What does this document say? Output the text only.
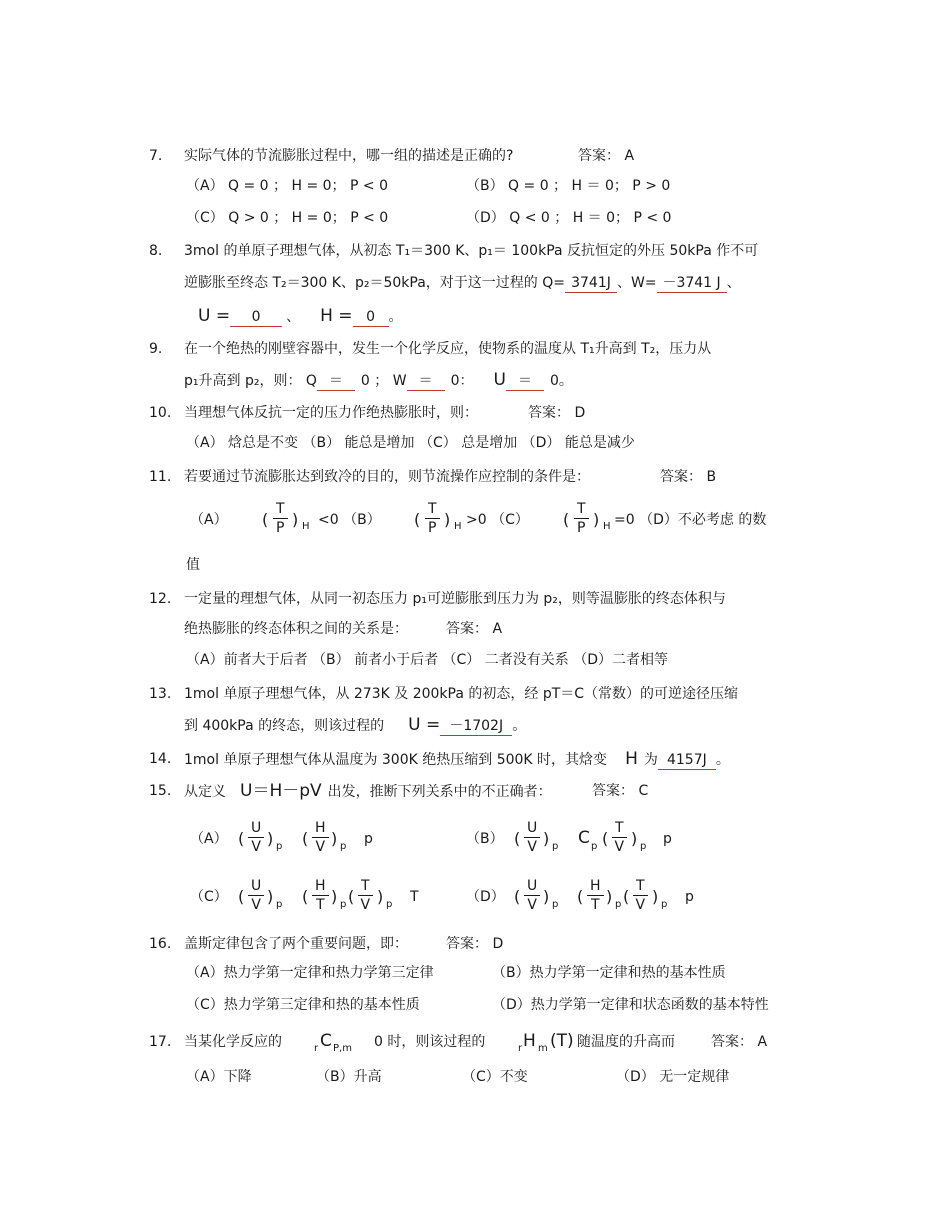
7. 实际气体的节流膨胀过程中，哪一组的描述是正确的?	答案： A
（A） Q = 0 ； H = 0； P < 0	（B） Q = 0 ； H ＝ 0； P > 0
（C） Q > 0 ； H = 0； P < 0	（D） Q < 0 ； H ＝ 0； P < 0
8. 3mol 的单原子理想气体，从初态 T₁＝300 K、p₁＝ 100kPa 反抗恒定的外压 50kPa 作不可
逆膨胀至终态 T₂＝300 K、p₂＝50kPa，对于这一过程的 Q= 3741J 、W= －3741 J 、
U = 0 、 H = 0 。
9. 在一个绝热的刚壁容器中，发生一个化学反应，使物系的温度从 T₁升高到 T₂，压力从
p₁升高到 p₂，则： Q ＝ 0 ； W ＝ 0： U ＝ 0。
10. 当理想气体反抗一定的压力作绝热膨胀时，则：	答案： D
（A） 焓总是不变 （B） 能总是增加 （C） 总是增加 （D） 能总是减少
11. 若要通过节流膨胀达到致冷的目的，则节流操作应控制的条件是：	答案： B
（A） ( $\frac{T}{P}$ ) H <0 （B） ( $\frac{T}{P}$ ) H >0 （C） ( $\frac{T}{P}$ ) H =0 （D）不必考虑 的数
值
12. 一定量的理想气体，从同一初态压力 p₁可逆膨胀到压力为 p₂，则等温膨胀的终态体积与
绝热膨胀的终态体积之间的关系是：	答案： A
（A）前者大于后者 （B） 前者小于后者 （C） 二者没有关系 （D）二者相等
13. 1mol 单原子理想气体，从 273K 及 200kPa 的初态，经 pT＝C（常数）的可逆途径压缩
到 400kPa 的终态，则该过程的 U = －1702J 。
14. 1mol 单原子理想气体从温度为 300K 绝热压缩到 500K 时，其焓变 H 为 4157J 。
15. 从定义 U＝H－pV 出发，推断下列关系中的不正确者：	答案： C
（A） ( $\frac{U}{V}$ ) p ( $\frac{H}{V}$ ) p p	（B） ( $\frac{U}{V}$ ) p C p ( $\frac{T}{V}$ ) p p
（C） ( $\frac{U}{V}$ ) p ( $\frac{H}{T}$ ) p ( $\frac{T}{V}$ ) p T	（D） ( $\frac{U}{V}$ ) p ( $\frac{H}{T}$ ) p ( $\frac{T}{V}$ ) p p
16. 盖斯定律包含了两个重要问题，即：	答案： D
（A）热力学第一定律和热力学第三定律	（B）热力学第一定律和热的基本性质
（C）热力学第三定律和热的基本性质	（D）热力学第一定律和状态函数的基本特性
17. 当某化学反应的	r C P,m 0 时，则该过程的	r H m (T) 随温度的升高而	答案： A
（A）下降	（B）升高	（C）不变	（D） 无一定规律
